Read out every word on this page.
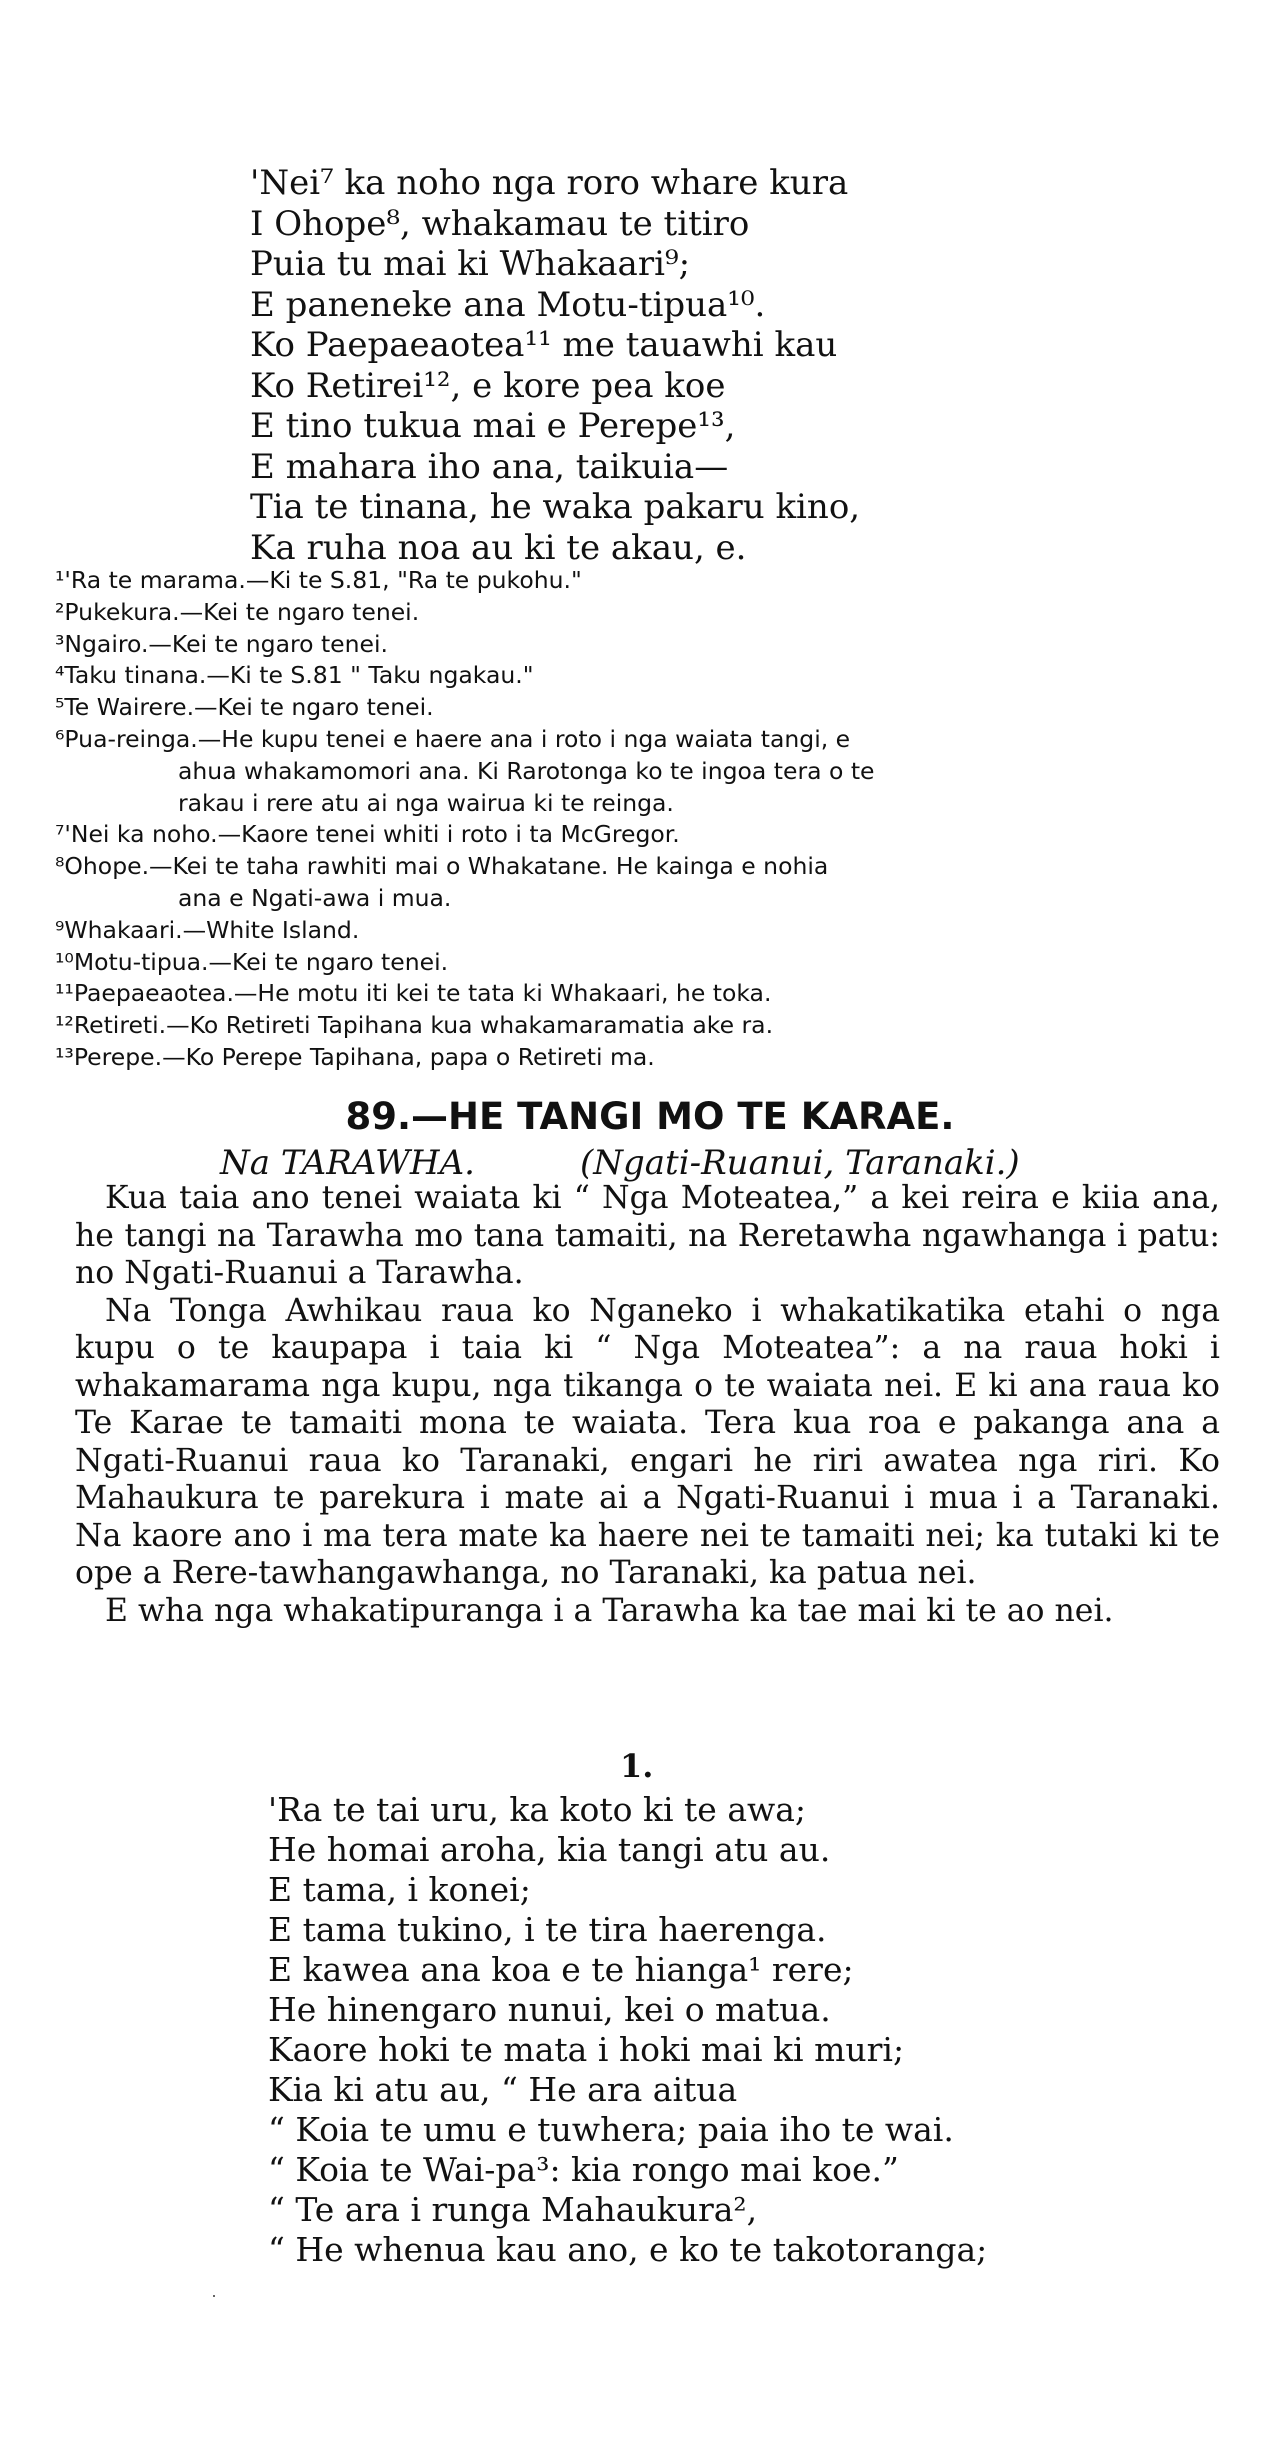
'Nei⁷ ka noho nga roro whare kura
I Ohope⁸, whakamau te titiro
Puia tu mai ki Whakaari⁹;
E paneneke ana Motu-tipua¹⁰.
Ko Paepaeaotea¹¹ me tauawhi kau
Ko Retirei¹², e kore pea koe
E tino tukua mai e Perepe¹³,
E mahara iho ana, taikuia—
Tia te tinana, he waka pakaru kino,
Ka ruha noa au ki te akau, e.
¹'Ra te marama.—Ki te S.81, "Ra te pukohu."
²Pukekura.—Kei te ngaro tenei.
³Ngairo.—Kei te ngaro tenei.
⁴Taku tinana.—Ki te S.81 " Taku ngakau."
⁵Te Wairere.—Kei te ngaro tenei.
⁶Pua-reinga.—He kupu tenei e haere ana i roto i nga waiata tangi, e
ahua whakamomori ana. Ki Rarotonga ko te ingoa tera o te
rakau i rere atu ai nga wairua ki te reinga.
⁷'Nei ka noho.—Kaore tenei whiti i roto i ta McGregor.
⁸Ohope.—Kei te taha rawhiti mai o Whakatane. He kainga e nohia
ana e Ngati-awa i mua.
⁹Whakaari.—White Island.
¹⁰Motu-tipua.—Kei te ngaro tenei.
¹¹Paepaeaotea.—He motu iti kei te tata ki Whakaari, he toka.
¹²Retireti.—Ko Retireti Tapihana kua whakamaramatia ake ra.
¹³Perepe.—Ko Perepe Tapihana, papa o Retireti ma.
89.—HE TANGI MO TE KARAE.
Na TARAWHA.	(Ngati-Ruanui, Taranaki.)

Kua taia ano tenei waiata ki “ Nga Moteatea,” a kei reira e kiia ana, he tangi na Tarawha mo tana tamaiti, na Reretawha ngawhanga i patu: no Ngati-Ruanui a Tarawha.

Na Tonga Awhikau raua ko Nganeko i whakatikatika etahi o nga kupu o te kaupapa i taia ki “ Nga Moteatea”: a na raua hoki i whakamarama nga kupu, nga tikanga o te waiata nei. E ki ana raua ko Te Karae te tamaiti mona te waiata. Tera kua roa e pakanga ana a Ngati-Ruanui raua ko Taranaki, engari he riri awatea nga riri. Ko Mahaukura te parekura i mate ai a Ngati-Ruanui i mua i a Taranaki. Na kaore ano i ma tera mate ka haere nei te tamaiti nei; ka tutaki ki te ope a Rere-tawhangawhanga, no Taranaki, ka patua nei.

E wha nga whakatipuranga i a Tarawha ka tae mai ki te ao nei.

1.
'Ra te tai uru, ka koto ki te awa;
He homai aroha, kia tangi atu au.
E tama, i konei;
E tama tukino, i te tira haerenga.
E kawea ana koa e te hianga¹ rere;
He hinengaro nunui, kei o matua.
Kaore hoki te mata i hoki mai ki muri;
Kia ki atu au, “ He ara aitua
“ Koia te umu e tuwhera; paia iho te wai.
“ Koia te Wai-pa³: kia rongo mai koe.”
“ Te ara i runga Mahaukura²,
“ He whenua kau ano, e ko te takotoranga;
